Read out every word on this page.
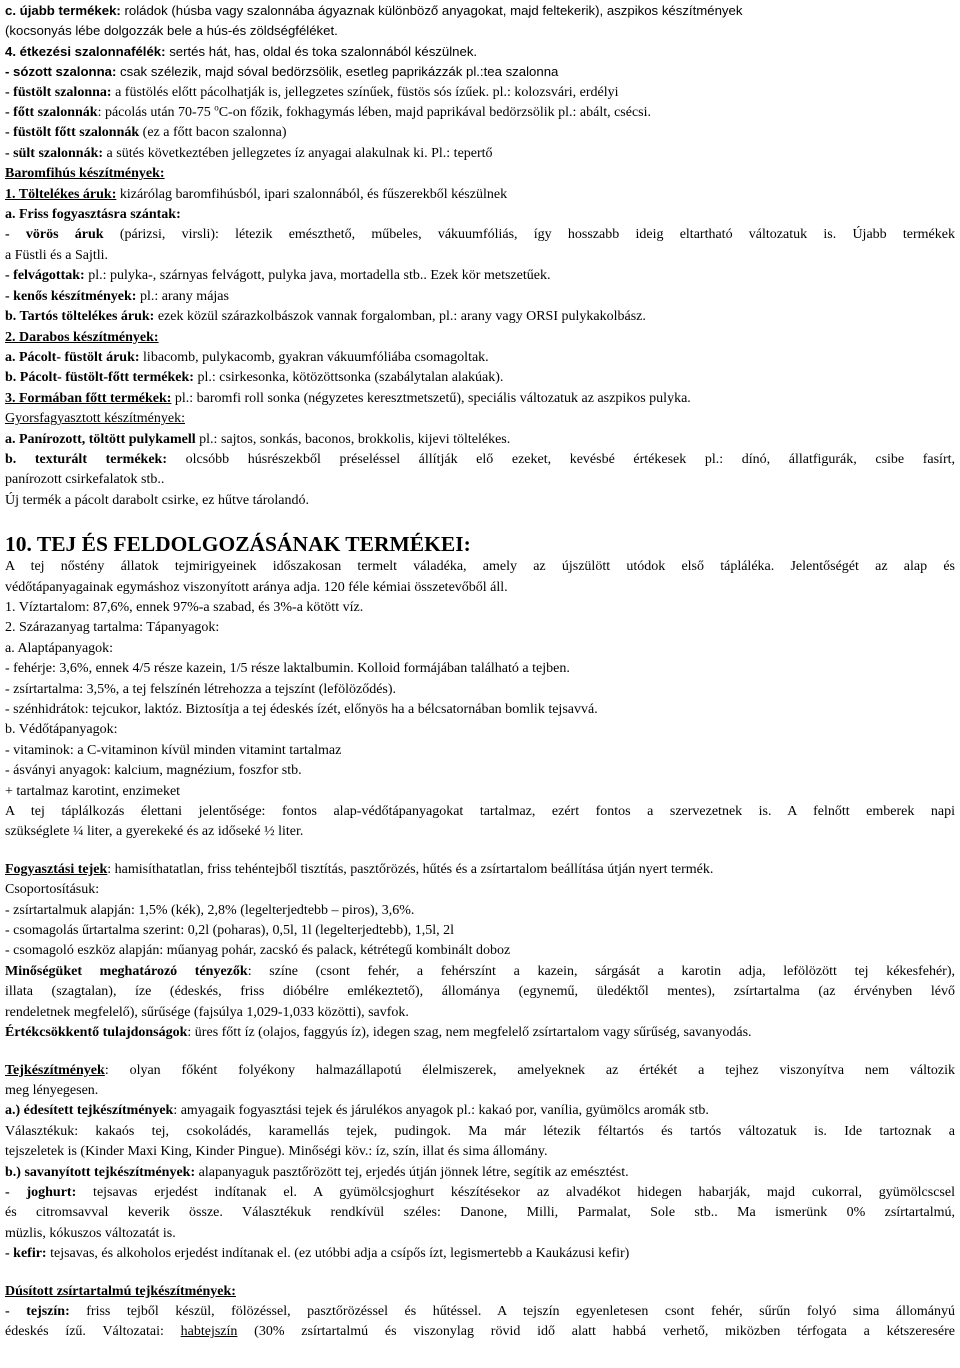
c. újabb termékek: roládok (húsba vagy szalonnába ágyaznak különböző anyagokat, majd feltekerik), aszpikos készítmények

(kocsonyás lébe dolgozzák bele a hús-és zöldségféléket.

4. étkezési szalonnafélék: sertés hát, has, oldal és toka szalonnából készülnek.

- sózott szalonna: csak szélezik, majd sóval bedörzsölik, esetleg paprikázzák pl.:tea szalonna

- füstölt szalonna: a füstölés előtt pácolhatják is, jellegzetes színűek, füstös sós ízűek. pl.: kolozsvári, erdélyi

- főtt szalonnák: pácolás után 70-75 $^o$C-on főzik, fokhagymás lében, majd paprikával bedörzsölik pl.: abált, csécsi.

- füstölt főtt szalonnák (ez a főtt bacon szalonna)

- sült szalonnák: a sütés következtében jellegzetes íz anyagai alakulnak ki. Pl.: tepertő

Baromfihús készítmények:

1. Töltelékes áruk: kizárólag baromfihúsból, ipari szalonnából, és fűszerekből készülnek

a. Friss fogyasztásra szántak:

- vörös áruk (párizsi, virsli): létezik emészthető, műbeles, vákuumfóliás, így hosszabb ideig eltartható változatuk is. Újabb termékek

a Füstli és a Sajtli.

- felvágottak: pl.: pulyka-, szárnyas felvágott, pulyka java, mortadella stb.. Ezek kör metszetűek.

- kenős készítmények: pl.: arany májas

b. Tartós töltelékes áruk: ezek közül szárazkolbászok vannak forgalomban, pl.: arany vagy ORSI pulykakolbász.

2. Darabos készítmények:

a. Pácolt- füstölt áruk: libacomb, pulykacomb, gyakran vákuumfóliába csomagoltak.

b. Pácolt- füstölt-főtt termékek: pl.: csirkesonka, kötözöttsonka (szabálytalan alakúak).

3. Formában főtt termékek: pl.: baromfi roll sonka (négyzetes keresztmetszetű), speciális változatuk az aszpikos pulyka.

Gyorsfagyasztott készítmények:

a. Panírozott, töltött pulykamell pl.: sajtos, sonkás, baconos, brokkolis, kijevi töltelékes.

b. texturált termékek: olcsóbb húsrészekből préseléssel állítják elő ezeket, kevésbé értékesek pl.: dínó, állatfigurák, csibe fasírt,

panírozott csirkefalatok stb..

Új termék a pácolt darabolt csirke, ez hűtve tárolandó.

10. TEJ ÉS FELDOLGOZÁSÁNAK TERMÉKEI:

A tej nőstény állatok tejmirigyeinek időszakosan termelt váladéka, amely az újszülött utódok első táplálékа. Jelentőségét az alap és

védőtápanyagainak egymáshoz viszonyított aránya adja. 120 féle kémiai összetevőből áll.

1. Víztartalom: 87,6%, ennek 97%-a szabad, és 3%-a kötött víz.

2. Szárazanyag tartalma: Tápanyagok:

a. Alaptápanyagok:

- fehérje: 3,6%, ennek 4/5 része kazein, 1/5 része laktalbumin. Kolloid formájában található a tejben.

- zsírtartalma: 3,5%, a tej felszínén létrehozza a tejszínt (lefölöződés).

- szénhidrátok: tejcukor, laktóz. Biztosítja a tej édeskés ízét, előnyös ha a bélcsatornában bomlik tejsavvá.

b. Védőtápanyagok:

- vitaminok: a C-vitaminon kívül minden vitamint tartalmaz

- ásványi anyagok: kalcium, magnézium, foszfor stb.

+ tartalmaz karotint, enzimeket

A tej táplálkozás élettani jelentősége: fontos alap-védőtápanyagokat tartalmaz, ezért fontos a szervezetnek is. A felnőtt emberek napi

szükséglete ¼ liter, a gyerekeké és az időseké ½ liter.

Fogyasztási tejek: hamisíthatatlan, friss tehéntejből tisztítás, pasztőrözés, hűtés és a zsírtartalom beállítása útján nyert termék.

Csoportosításuk:

- zsírtartalmuk alapján: 1,5% (kék), 2,8% (legelterjedtebb – piros), 3,6%.

- csomagolás űrtartalma szerint: 0,2l (poharas), 0,5l, 1l (legelterjedtebb), 1,5l, 2l

- csomagoló eszköz alapján: műanyag pohár, zacskó és palack, kétrétegű kombinált doboz

Minőségüket meghatározó tényezők: színe (csont fehér, a fehérszínt a kazein, sárgását a karotin adja, lefölözött tej kékesfehér),

illata (szagtalan), íze (édeskés, friss dióbélre emlékeztető), állománya (egynemű, üledéktől mentes), zsírtartalma (az érvényben lévő

rendeletnek megfelelő), sűrűsége (fajsúlya 1,029-1,033 közötti), savfok.

Értékcsökkentő tulajdonságok: üres főtt íz (olajos, faggyús íz), idegen szag, nem megfelelő zsírtartalom vagy sűrűség, savanyodás.

Tejkészítmények: olyan főként folyékony halmazállapotú élelmiszerek, amelyeknek az értékét a tejhez viszonyítva nem változik

meg lényegesen.

a.) édesített tejkészítmények: amyagaik fogyasztási tejek és járulékos anyagok pl.: kakaó por, vanília, gyümölcs aromák stb.

Választékuk: kakaós tej, csokoládés, karamellás tejek, pudingok. Ma már létezik féltartós és tartós változatuk is. Ide tartoznak a

tejszeletek is (Kinder Maxi King, Kinder Pingue). Minőségi köv.: íz, szín, illat és sima állomány.

b.) savanyított tejkészítmények: alapanyaguk pasztőrözött tej, erjedés útján jönnek létre, segítik az emésztést.

- joghurt: tejsavas erjedést indítanak el. A gyümölcsjoghurt készítésekor az alvadékot hidegen habarják, majd cukorral, gyümölcscsel

és citromsavval keverik össze. Választékuk rendkívül széles: Danone, Milli, Parmalat, Sole stb.. Ma ismerünk 0% zsírtartalmú,

müzlis, kókuszos változatát is.

- kefir: tejsavas, és alkoholos erjedést indítanak el. (ez utóbbi adja a csípős ízt, legismertebb a Kaukázusi kefir)

Dúsított zsírtartalmú tejkészítmények:

- tejszín: friss tejből készül, fölözéssel, pasztőrözéssel és hűtéssel. A tejszín egyenletesen csont fehér, sűrűn folyó sima állományú

édeskés ízű. Változatai: habtejszín (30% zsírtartalmú és viszonylag rövid idő alatt habbá verhető, miközben térfogata a kétszeresére
